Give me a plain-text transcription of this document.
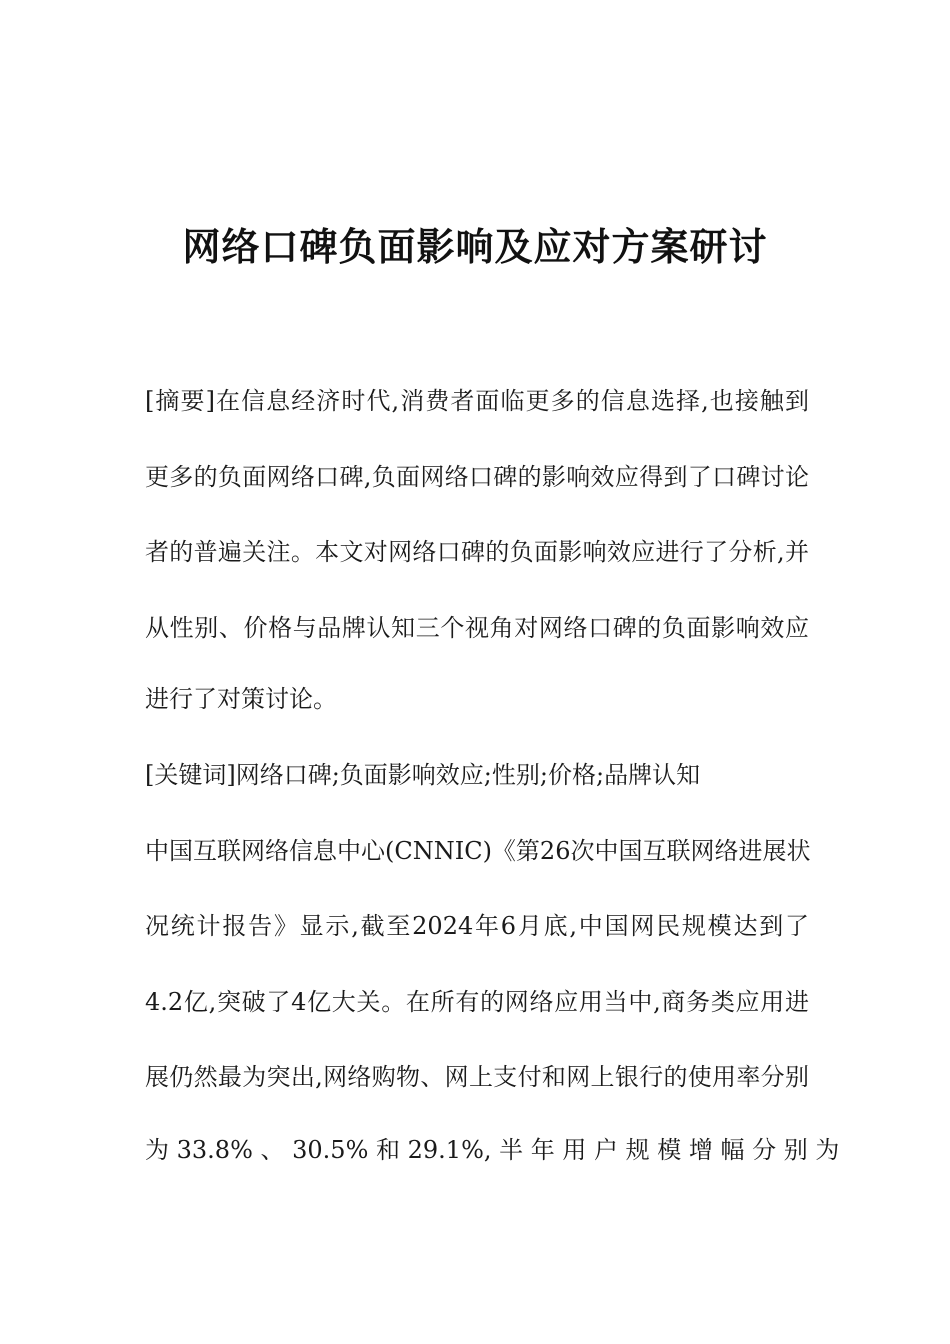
网络口碑负面影响及应对方案研讨
[摘要]在信息经济时代,消费者面临更多的信息选择,也接触到
更多的负面网络口碑,负面网络口碑的影响效应得到了口碑讨论
者的普遍关注。本文对网络口碑的负面影响效应进行了分析,并
从性别、价格与品牌认知三个视角对网络口碑的负面影响效应
进行了对策讨论。
[关键词]网络口碑;负面影响效应;性别;价格;品牌认知
中国互联网络信息中心(CNNIC)《第26次中国互联网络进展状
况统计报告》显示,截至2024年6月底,中国网民规模达到了
4.2亿,突破了4亿大关。在所有的网络应用当中,商务类应用进
展仍然最为突出,网络购物、网上支付和网上银行的使用率分别
为 33.8% 、 30.5% 和 29.1%, 半 年 用 户 规 模 增 幅 分 别 为
